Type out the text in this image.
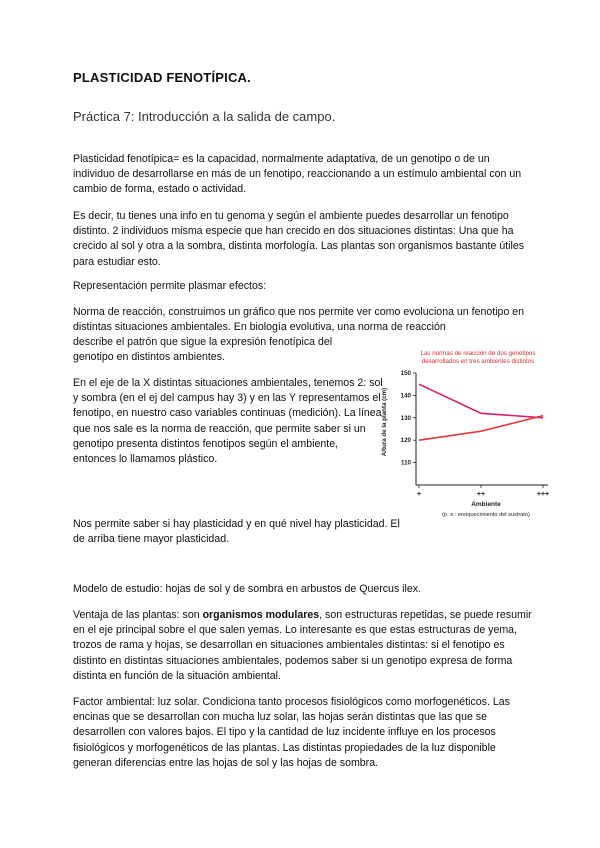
PLASTICIDAD FENOTÍPICA.
Práctica 7: Introducción a la salida de campo.

Plasticidad fenotípica= es la capacidad, normalmente adaptativa, de un genotipo o de un individuo de desarrollarse en más de un fenotipo, reaccionando a un estímulo ambiental con un cambio de forma, estado o actividad.

Es decir, tu tienes una info en tu genoma y según el ambiente puedes desarrollar un fenotipo distinto. 2 individuos misma especie que han crecido en dos situaciones distintas: Una que ha crecido al sol y otra a la sombra, distinta morfología. Las plantas son organismos bastante útiles para estudiar esto.

Representación permite plasmar efectos:

Norma de reacción, construimos un gráfico que nos permite ver como evoluciona un fenotipo en distintas situaciones ambientales. En biología evolutiva, una norma de reacción

describe el patrón que sigue la expresión fenotípica del genotipo en distintos ambientes.

En el eje de la X distintas situaciones ambientales, tenemos 2: sol y sombra (en el ej del campus hay 3) y en las Y representamos el fenotipo, en nuestro caso variables continuas (medición). La línea que nos sale es la norma de reacción, que permite saber si un genotipo presenta distintos fenotipos según el ambiente, entonces lo llamamos plástico.

Las normas de reacción de dos genotipos
desarrollados en tres ambientes distintos
Altura de la planta (cm)
110
120
130
140
150
+	++	+++
Ambiente
(p. e.: enriquecimiento del sustrato)

Nos permite saber si hay plasticidad y en qué nivel hay plasticidad. El de arriba tiene mayor plasticidad.

Modelo de estudio: hojas de sol y de sombra en arbustos de Quercus ilex.

Ventaja de las plantas: son organismos modulares, son estructuras repetidas, se puede resumir en el eje principal sobre el que salen yemas. Lo interesante es que estas estructuras de yema, trozos de rama y hojas, se desarrollan en situaciones ambientales distintas: si el fenotipo es distinto en distintas situaciones ambientales, podemos saber si un genotipo expresa de forma distinta en función de la situación ambiental.

Factor ambiental: luz solar. Condiciona tanto procesos fisiológicos como morfogenéticos. Las encinas que se desarrollan con mucha luz solar, las hojas serán distintas que las que se desarrollen con valores bajos. El tipo y la cantidad de luz incidente influye en los procesos fisiológicos y morfogenéticos de las plantas. Las distintas propiedades de la luz disponible generan diferencias entre las hojas de sol y las hojas de sombra.
